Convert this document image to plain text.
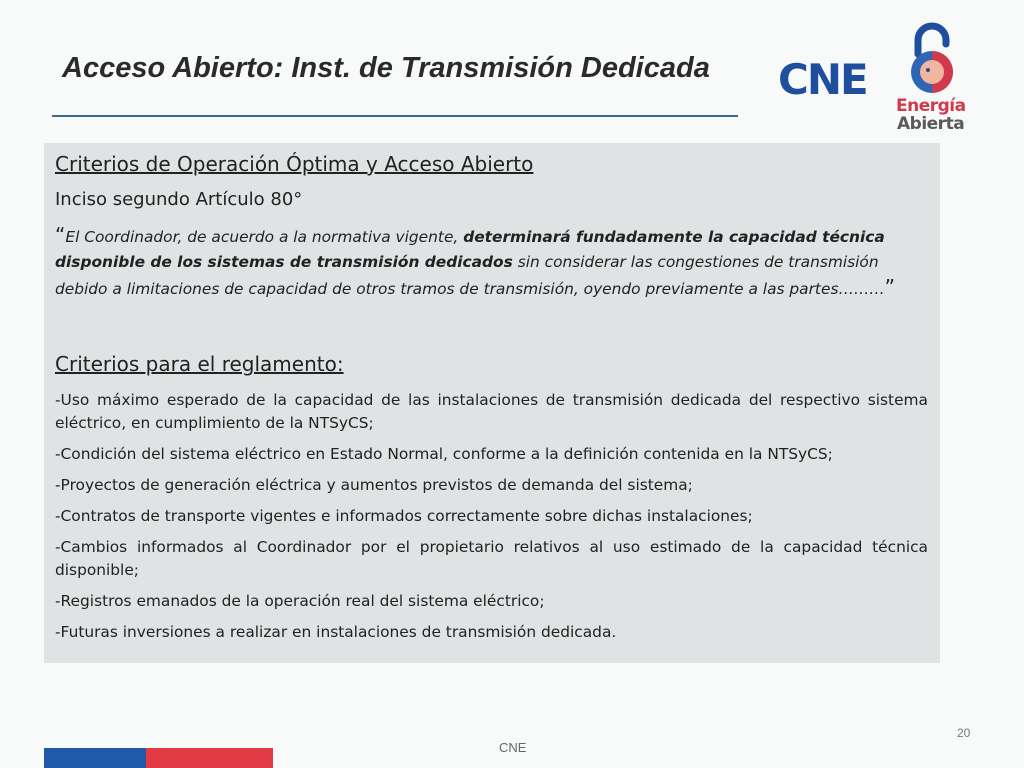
Acceso Abierto: Inst. de Transmisión Dedicada CNE
Energía
Abierta
Criterios de Operación Óptima y Acceso Abierto
Inciso segundo Artículo 80°
“El Coordinador, de acuerdo a la normativa vigente, determinará fundadamente la capacidad técnica disponible de los sistemas de transmisión dedicados sin considerar las congestiones de transmisión debido a limitaciones de capacidad de otros tramos de transmisión, oyendo previamente a las partes………”
Criterios para el reglamento:

-Uso máximo esperado de la capacidad de las instalaciones de transmisión dedicada del respectivo sistema eléctrico, en cumplimiento de la NTSyCS;

-Condición del sistema eléctrico en Estado Normal, conforme a la definición contenida en la NTSyCS;

-Proyectos de generación eléctrica y aumentos previstos de demanda del sistema;

-Contratos de transporte vigentes e informados correctamente sobre dichas instalaciones;

-Cambios informados al Coordinador por el propietario relativos al uso estimado de la capacidad técnica disponible;

-Registros emanados de la operación real del sistema eléctrico;

-Futuras inversiones a realizar en instalaciones de transmisión dedicada.

20
CNE
